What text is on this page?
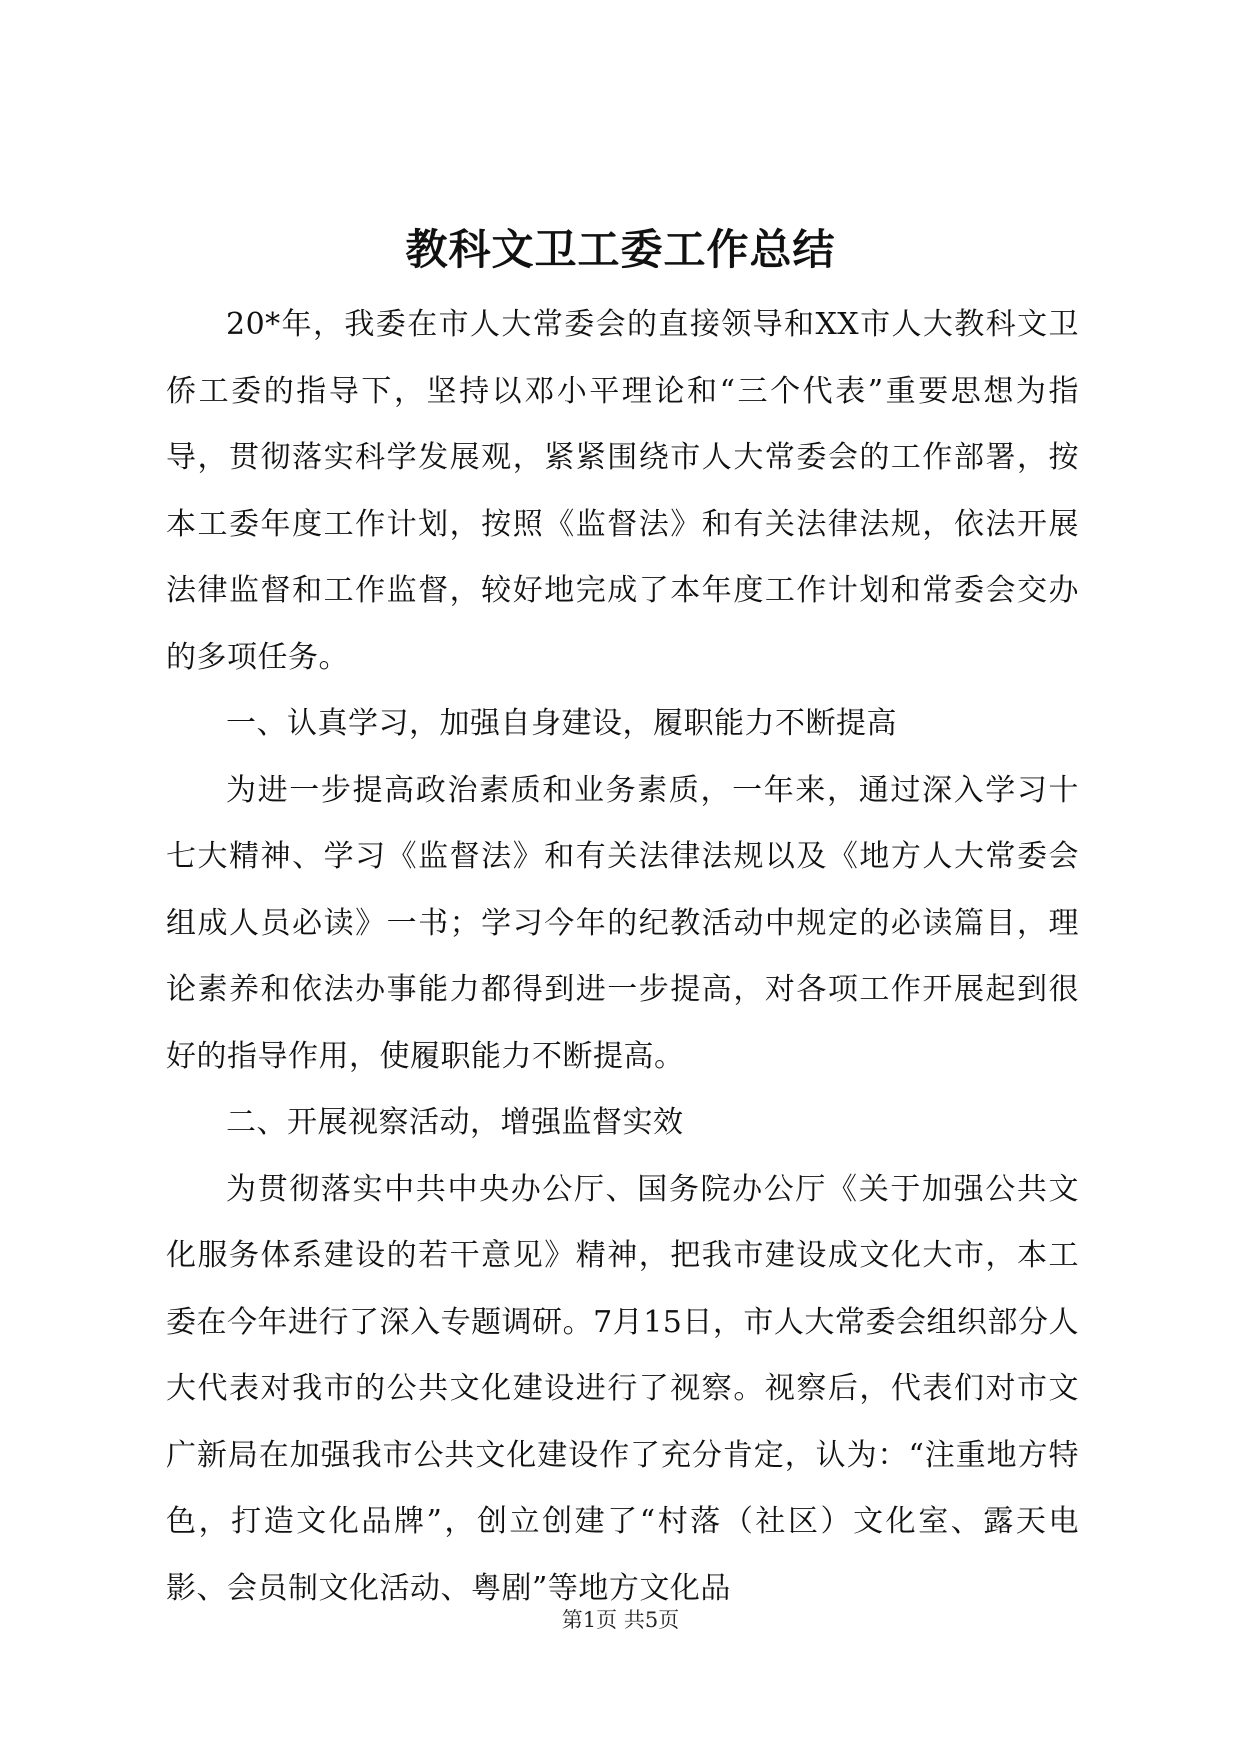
教科文卫工委工作总结

20*年，我委在市人大常委会的直接领导和XX市人大教科文卫侨工委的指导下，坚持以邓小平理论和“三个代表”重要思想为指导，贯彻落实科学发展观，紧紧围绕市人大常委会的工作部署，按本工委年度工作计划，按照《监督法》和有关法律法规，依法开展法律监督和工作监督，较好地完成了本年度工作计划和常委会交办的多项任务。

一、认真学习，加强自身建设，履职能力不断提高

为进一步提高政治素质和业务素质，一年来，通过深入学习十七大精神、学习《监督法》和有关法律法规以及《地方人大常委会组成人员必读》一书；学习今年的纪教活动中规定的必读篇目，理论素养和依法办事能力都得到进一步提高，对各项工作开展起到很好的指导作用，使履职能力不断提高。

二、开展视察活动，增强监督实效

为贯彻落实中共中央办公厅、国务院办公厅《关于加强公共文化服务体系建设的若干意见》精神，把我市建设成文化大市，本工委在今年进行了深入专题调研。7月15日，市人大常委会组织部分人大代表对我市的公共文化建设进行了视察。视察后，代表们对市文广新局在加强我市公共文化建设作了充分肯定，认为：“注重地方特色，打造文化品牌”，创立创建了“村落（社区）文化室、露天电影、会员制文化活动、粤剧”等地方文化品

第1页 共5页
